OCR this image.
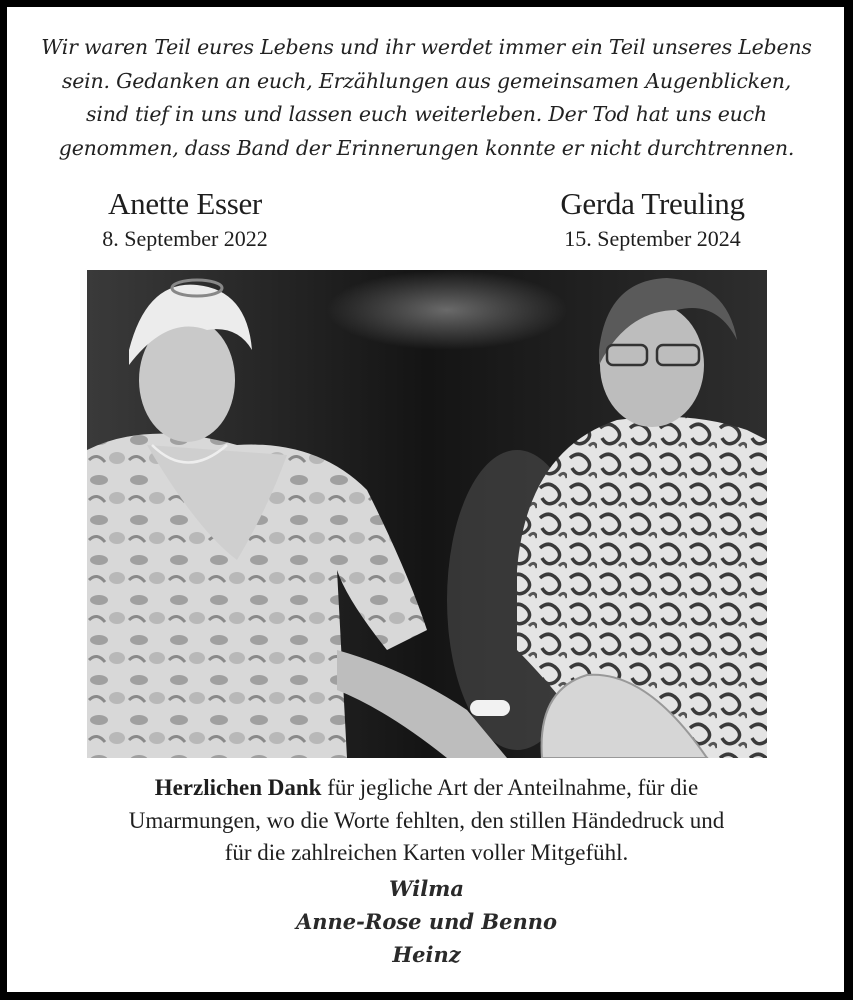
Wir waren Teil eures Lebens und ihr werdet immer ein Teil unseres Lebens
sein. Gedanken an euch, Erzählungen aus gemeinsamen Augenblicken,
sind tief in uns und lassen euch weiterleben. Der Tod hat uns euch
genommen, dass Band der Erinnerungen konnte er nicht durchtrennen.
Anette Esser
8. September 2022
Gerda Treuling
15. September 2024
Herzlichen Dank für jegliche Art der Anteilnahme, für die
Umarmungen, wo die Worte fehlten, den stillen Händedruck und
für die zahlreichen Karten voller Mitgefühl.
Wilma
Anne-Rose und Benno
Heinz
